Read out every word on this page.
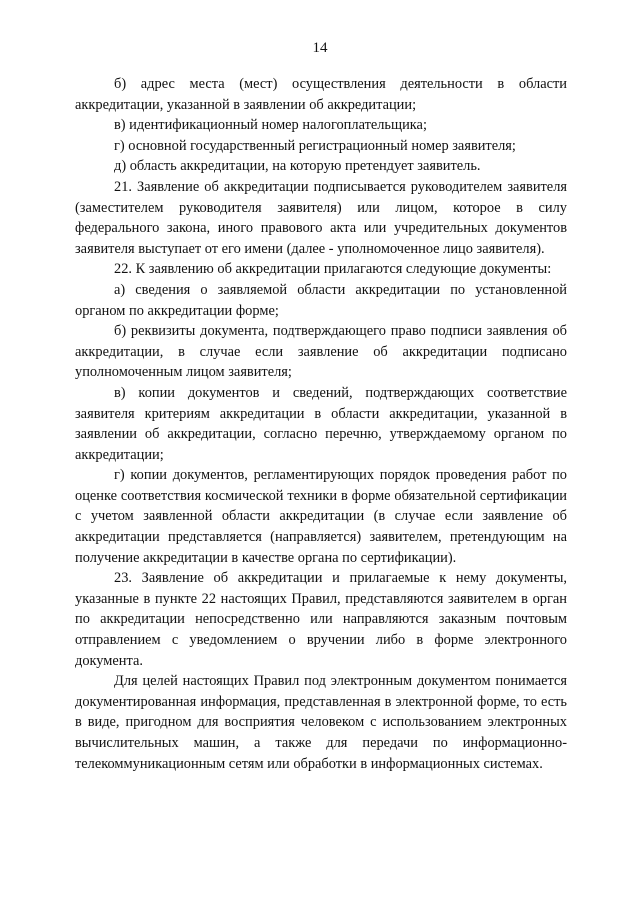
14

б) адрес места (мест) осуществления деятельности в области аккредитации, указанной в заявлении об аккредитации;

в) идентификационный номер налогоплательщика;

г) основной государственный регистрационный номер заявителя;

д) область аккредитации, на которую претендует заявитель.

21. Заявление об аккредитации подписывается руководителем заявителя (заместителем руководителя заявителя) или лицом, которое в силу федерального закона, иного правового акта или учредительных документов заявителя выступает от его имени (далее - уполномоченное лицо заявителя).

22. К заявлению об аккредитации прилагаются следующие документы:

а) сведения о заявляемой области аккредитации по установленной органом по аккредитации форме;

б) реквизиты документа, подтверждающего право подписи заявления об аккредитации, в случае если заявление об аккредитации подписано уполномоченным лицом заявителя;

в) копии документов и сведений, подтверждающих соответствие заявителя критериям аккредитации в области аккредитации, указанной в заявлении об аккредитации, согласно перечню, утверждаемому органом по аккредитации;

г) копии документов, регламентирующих порядок проведения работ по оценке соответствия космической техники в форме обязательной сертификации с учетом заявленной области аккредитации (в случае если заявление об аккредитации представляется (направляется) заявителем, претендующим на получение аккредитации в качестве органа по сертификации).

23. Заявление об аккредитации и прилагаемые к нему документы, указанные в пункте 22 настоящих Правил, представляются заявителем в орган по аккредитации непосредственно или направляются заказным почтовым отправлением с уведомлением о вручении либо в форме электронного документа.

Для целей настоящих Правил под электронным документом понимается документированная информация, представленная в электронной форме, то есть в виде, пригодном для восприятия человеком с использованием электронных вычислительных машин, а также для передачи по информационно-телекоммуникационным сетям или обработки в информационных системах.
